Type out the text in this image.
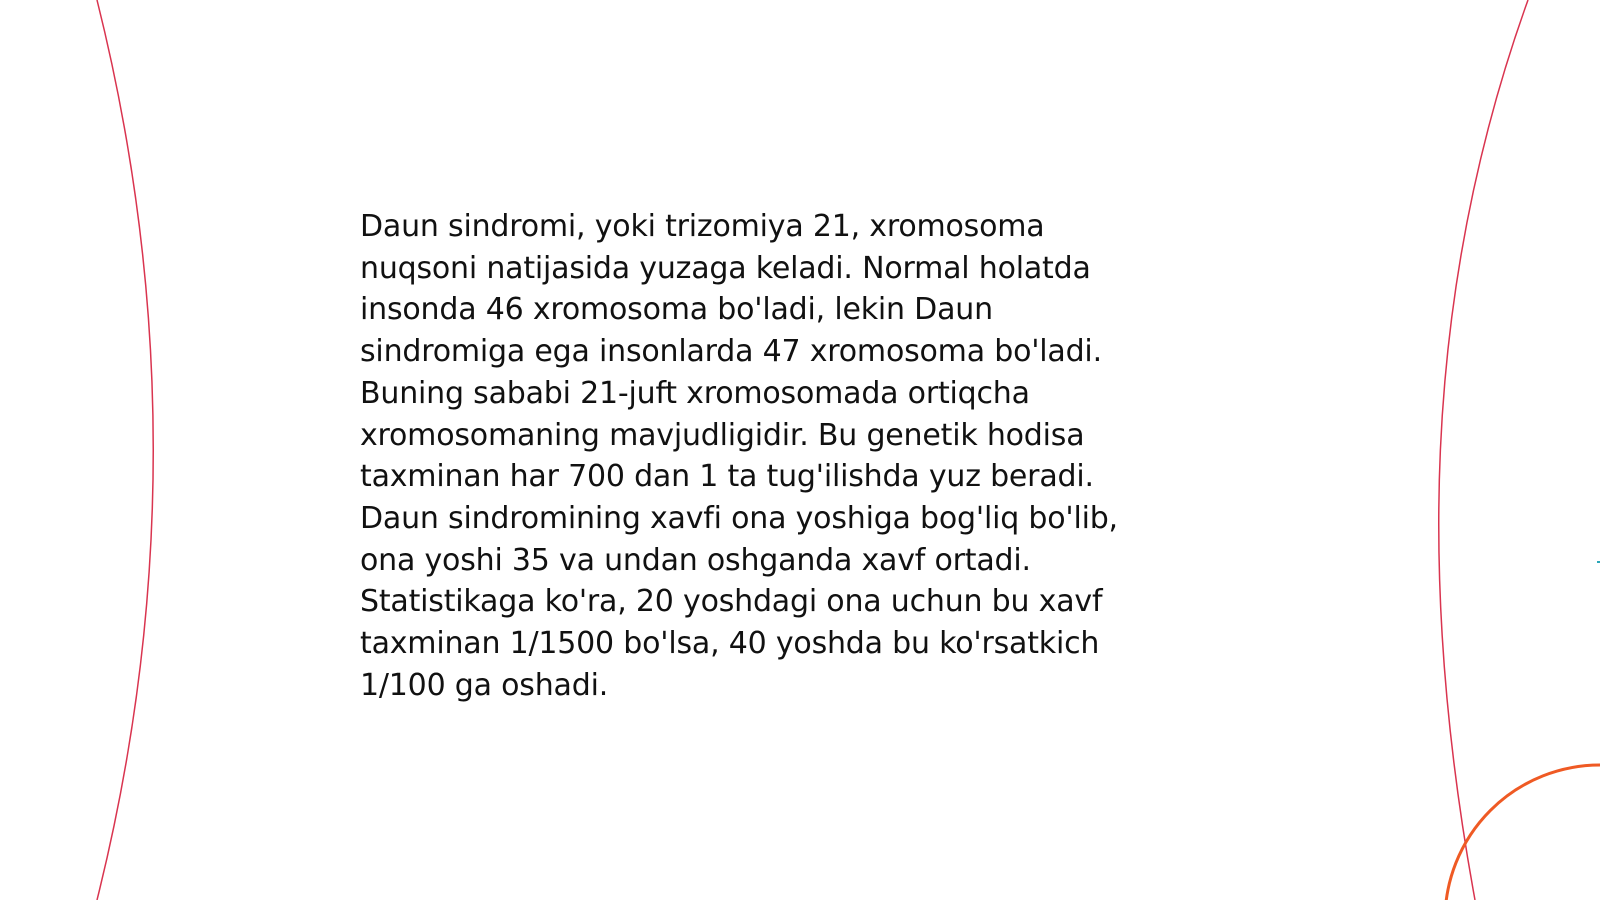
Daun sindromi, yoki trizomiya 21, xromosoma
nuqsoni natijasida yuzaga keladi. Normal holatda
insonda 46 xromosoma bo'ladi, lekin Daun
sindromiga ega insonlarda 47 xromosoma bo'ladi.
Buning sababi 21-juft xromosomada ortiqcha
xromosomaning mavjudligidir. Bu genetik hodisa
taxminan har 700 dan 1 ta tug'ilishda yuz beradi.
Daun sindromining xavfi ona yoshiga bog'liq bo'lib,
ona yoshi 35 va undan oshganda xavf ortadi.
Statistikaga ko'ra, 20 yoshdagi ona uchun bu xavf
taxminan 1/1500 bo'lsa, 40 yoshda bu ko'rsatkich
1/100 ga oshadi.
